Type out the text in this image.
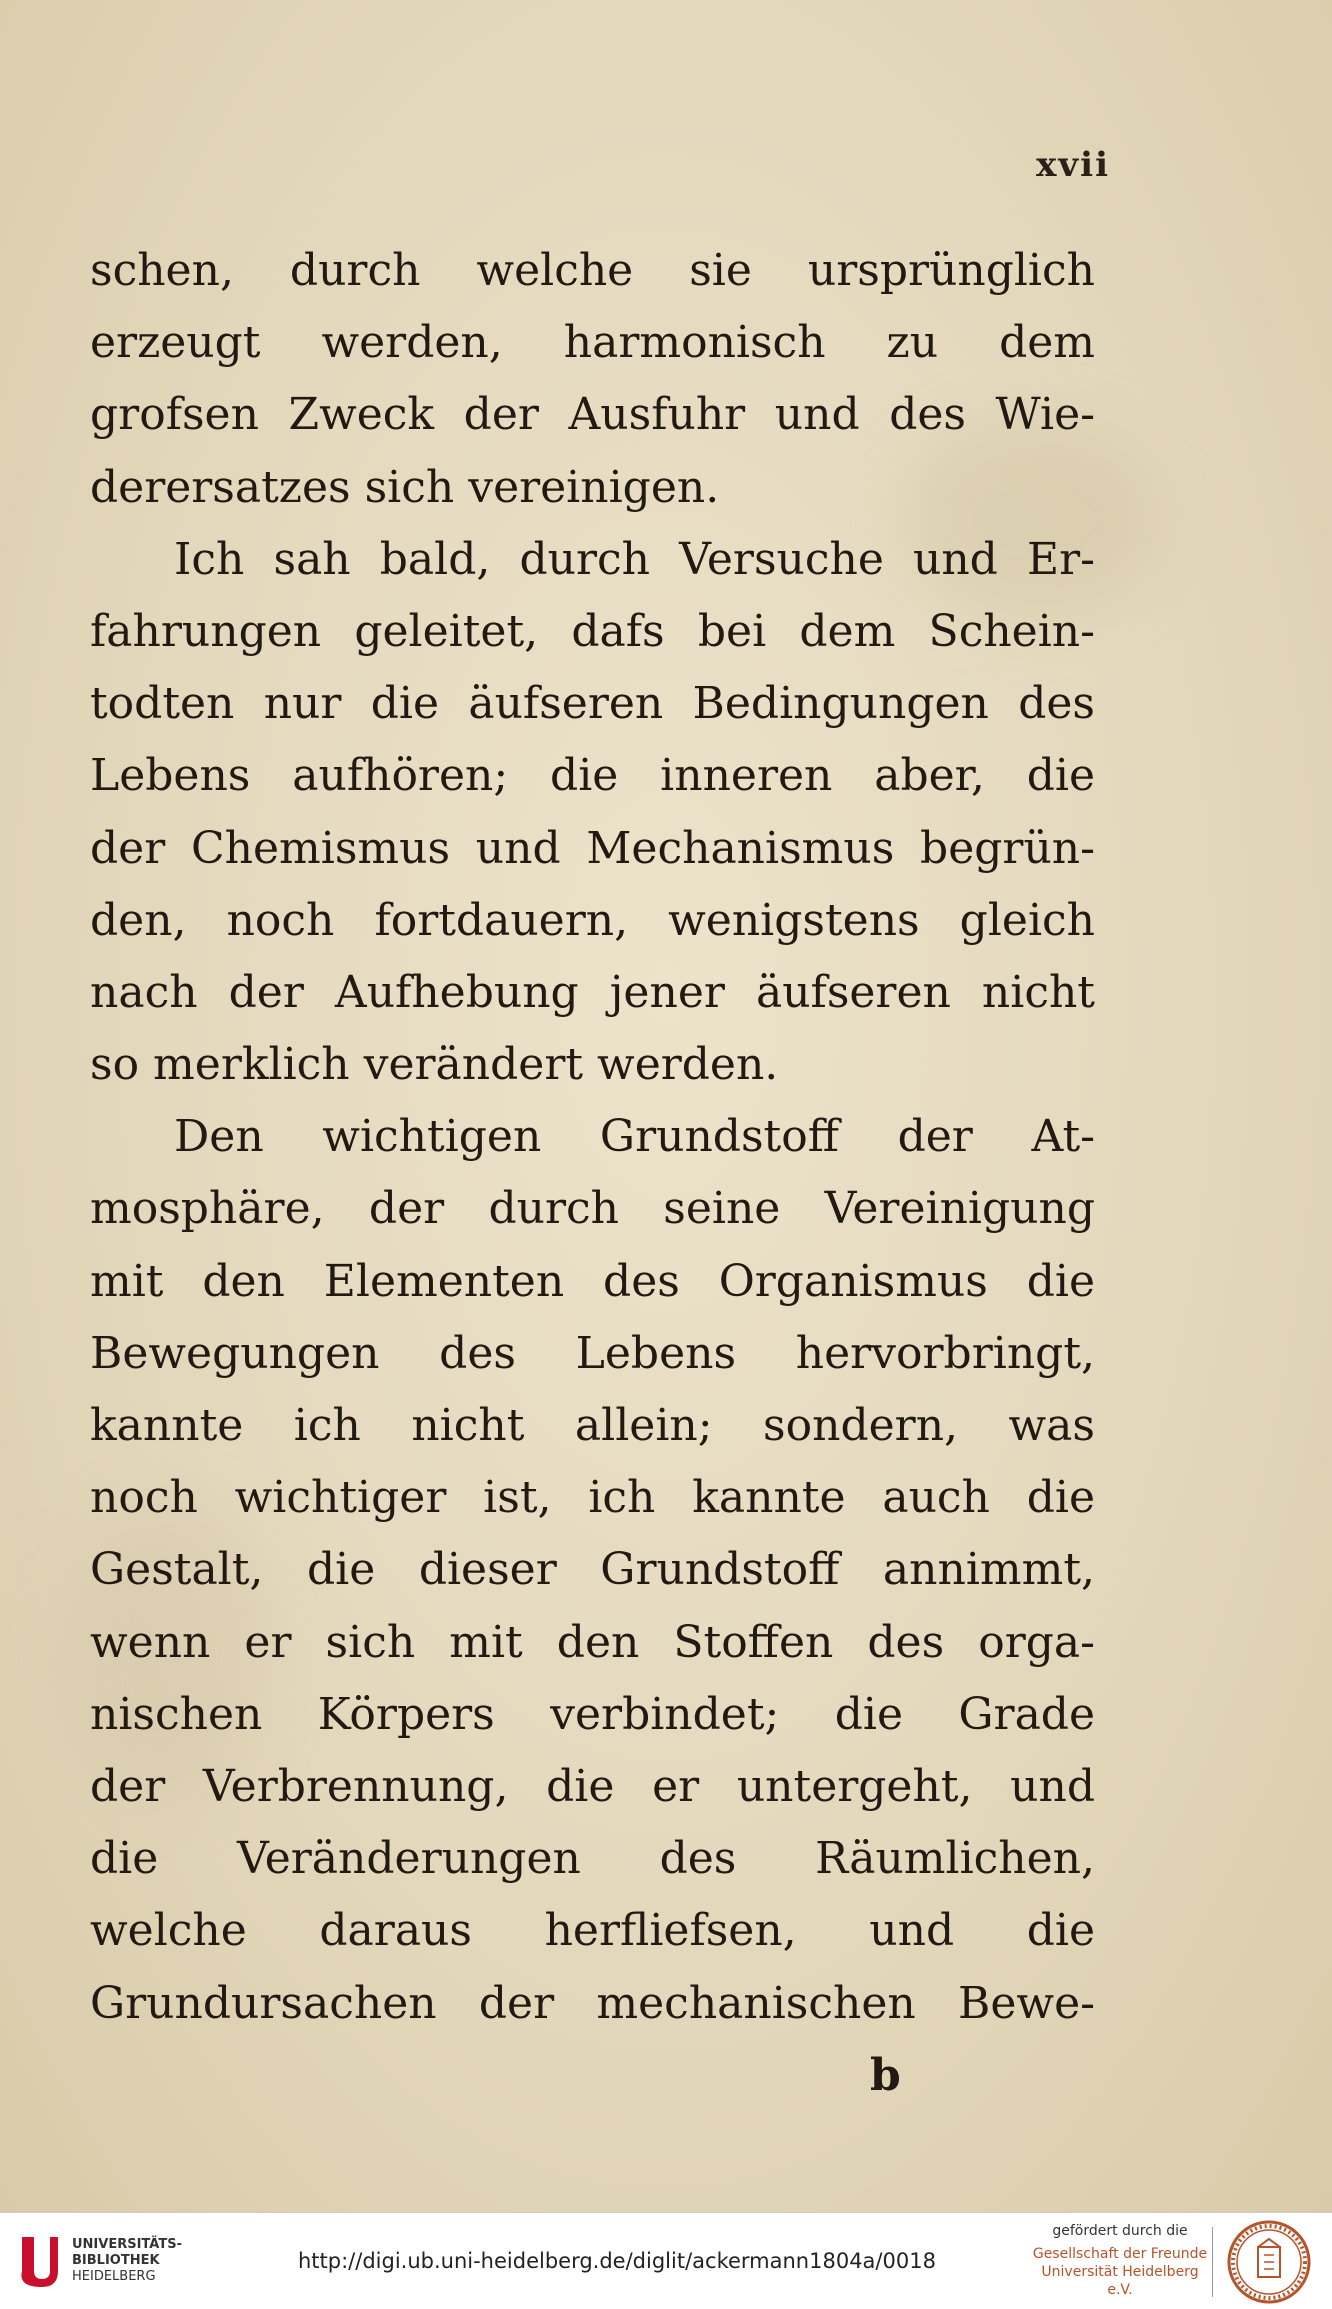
xvii
schen, durch welche sie ursprünglich
erzeugt werden, harmonisch zu dem
grofsen Zweck der Ausfuhr und des Wie-
derersatzes sich vereinigen.
Ich sah bald, durch Versuche und Er-
fahrungen geleitet, dafs bei dem Schein-
todten nur die äufseren Bedingungen des
Lebens aufhören; die inneren aber, die
der Chemismus und Mechanismus begrün-
den, noch fortdauern, wenigstens gleich
nach der Aufhebung jener äufseren nicht
so merklich verändert werden.
Den wichtigen Grundstoff der At-
mosphäre, der durch seine Vereinigung
mit den Elementen des Organismus die
Bewegungen des Lebens hervorbringt,
kannte ich nicht allein; sondern, was
noch wichtiger ist, ich kannte auch die
Gestalt, die dieser Grundstoff annimmt,
wenn er sich mit den Stoffen des orga-
nischen Körpers verbindet; die Grade
der Verbrennung, die er untergeht, und
die Veränderungen des Räumlichen,
welche daraus herfliefsen, und die
Grundursachen der mechanischen Bewe-
b
UNIVERSITÄTS-
BIBLIOTHEK
HEIDELBERG
http://digi.ub.uni-heidelberg.de/diglit/ackermann1804a/0018
gefördert durch die
Gesellschaft der Freunde
Universität Heidelberg e.V.
